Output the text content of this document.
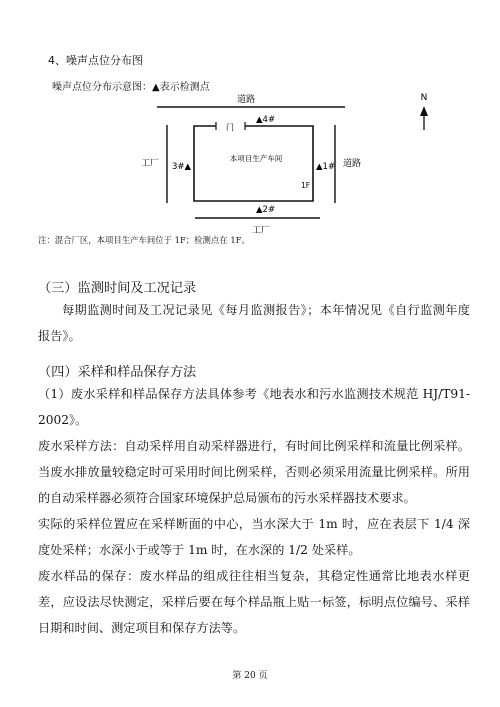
4、噪声点位分布图
噪声点位分布示意图：▲表示检测点
道路
道路
工厂
工厂
门
本项目生产车间
1F
▲4#
3#▲	▲1#
▲2#
N
注：混合厂区，本项目生产车间位于 1F；检测点在 1F。
（三）监测时间及工况记录
每期监测时间及工况记录见《每月监测报告》；本年情况见《自行监测年度报告》。
（四）采样和样品保存方法
（1）废水采样和样品保存方法具体参考《地表水和污水监测技术规范 HJ/T91-2002》。
废水采样方法：自动采样用自动采样器进行，有时间比例采样和流量比例采样。当废水排放量较稳定时可采用时间比例采样，否则必须采用流量比例采样。所用的自动采样器必须符合国家环境保护总局颁布的污水采样器技术要求。
实际的采样位置应在采样断面的中心，当水深大于 1m 时，应在表层下 1/4 深度处采样；水深小于或等于 1m 时，在水深的 1/2 处采样。
废水样品的保存：废水样品的组成往往相当复杂，其稳定性通常比地表水样更差，应设法尽快测定，采样后要在每个样品瓶上贴一标签，标明点位编号、采样日期和时间、测定项目和保存方法等。
第 20 页
